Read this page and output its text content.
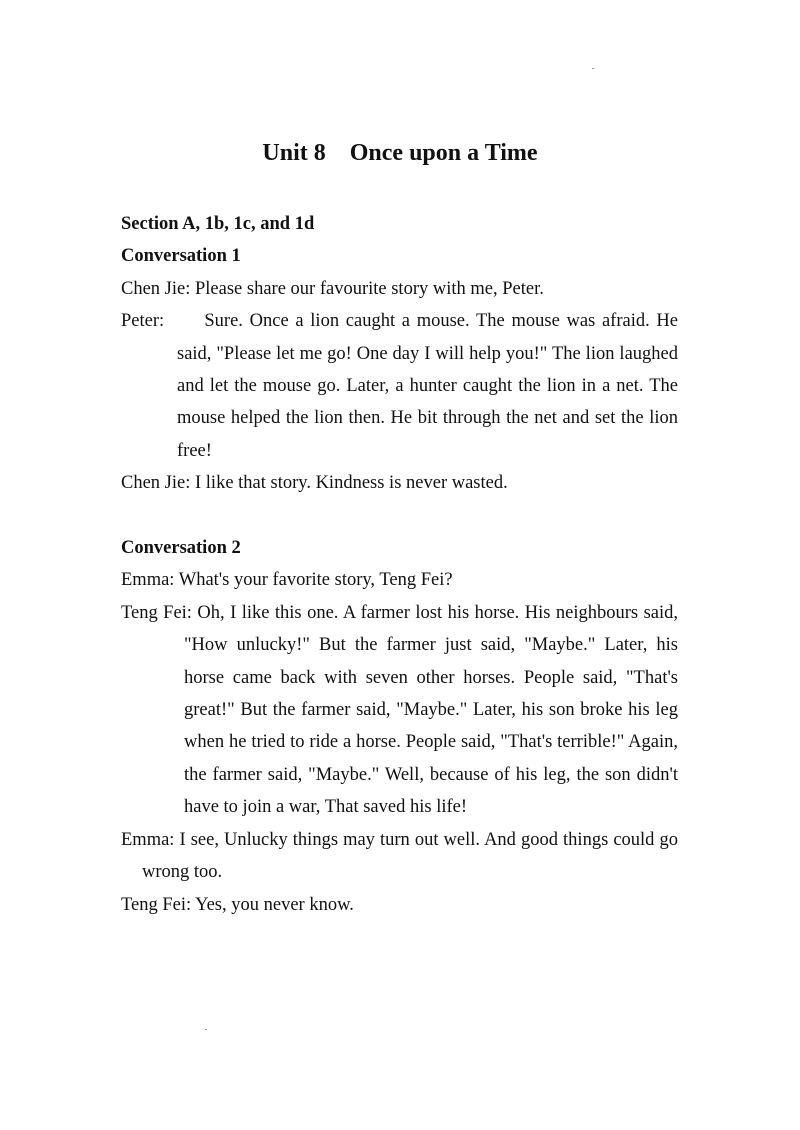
Unit 8    Once upon a Time

Section A, 1b, 1c, and 1d

Conversation 1

Chen Jie: Please share our favourite story with me, Peter.

Peter:      Sure. Once a lion caught a mouse. The mouse was afraid. He said, "Please let me go! One day I will help you!" The lion laughed and let the mouse go. Later, a hunter caught the lion in a net. The mouse helped the lion then. He bit through the net and set the lion free!

Chen Jie: I like that story. Kindness is never wasted.

Conversation 2

Emma: What's your favorite story, Teng Fei?

Teng Fei: Oh, I like this one. A farmer lost his horse. His neighbours said, "How unlucky!" But the farmer just said, "Maybe." Later, his horse came back with seven other horses. People said, "That's great!" But the farmer said, "Maybe." Later, his son broke his leg when he tried to ride a horse. People said, "That's terrible!" Again, the farmer said, "Maybe." Well, because of his leg, the son didn't have to join a war, That saved his life!

Emma: I see, Unlucky things may turn out well. And good things could go wrong too.

Teng Fei: Yes, you never know.
